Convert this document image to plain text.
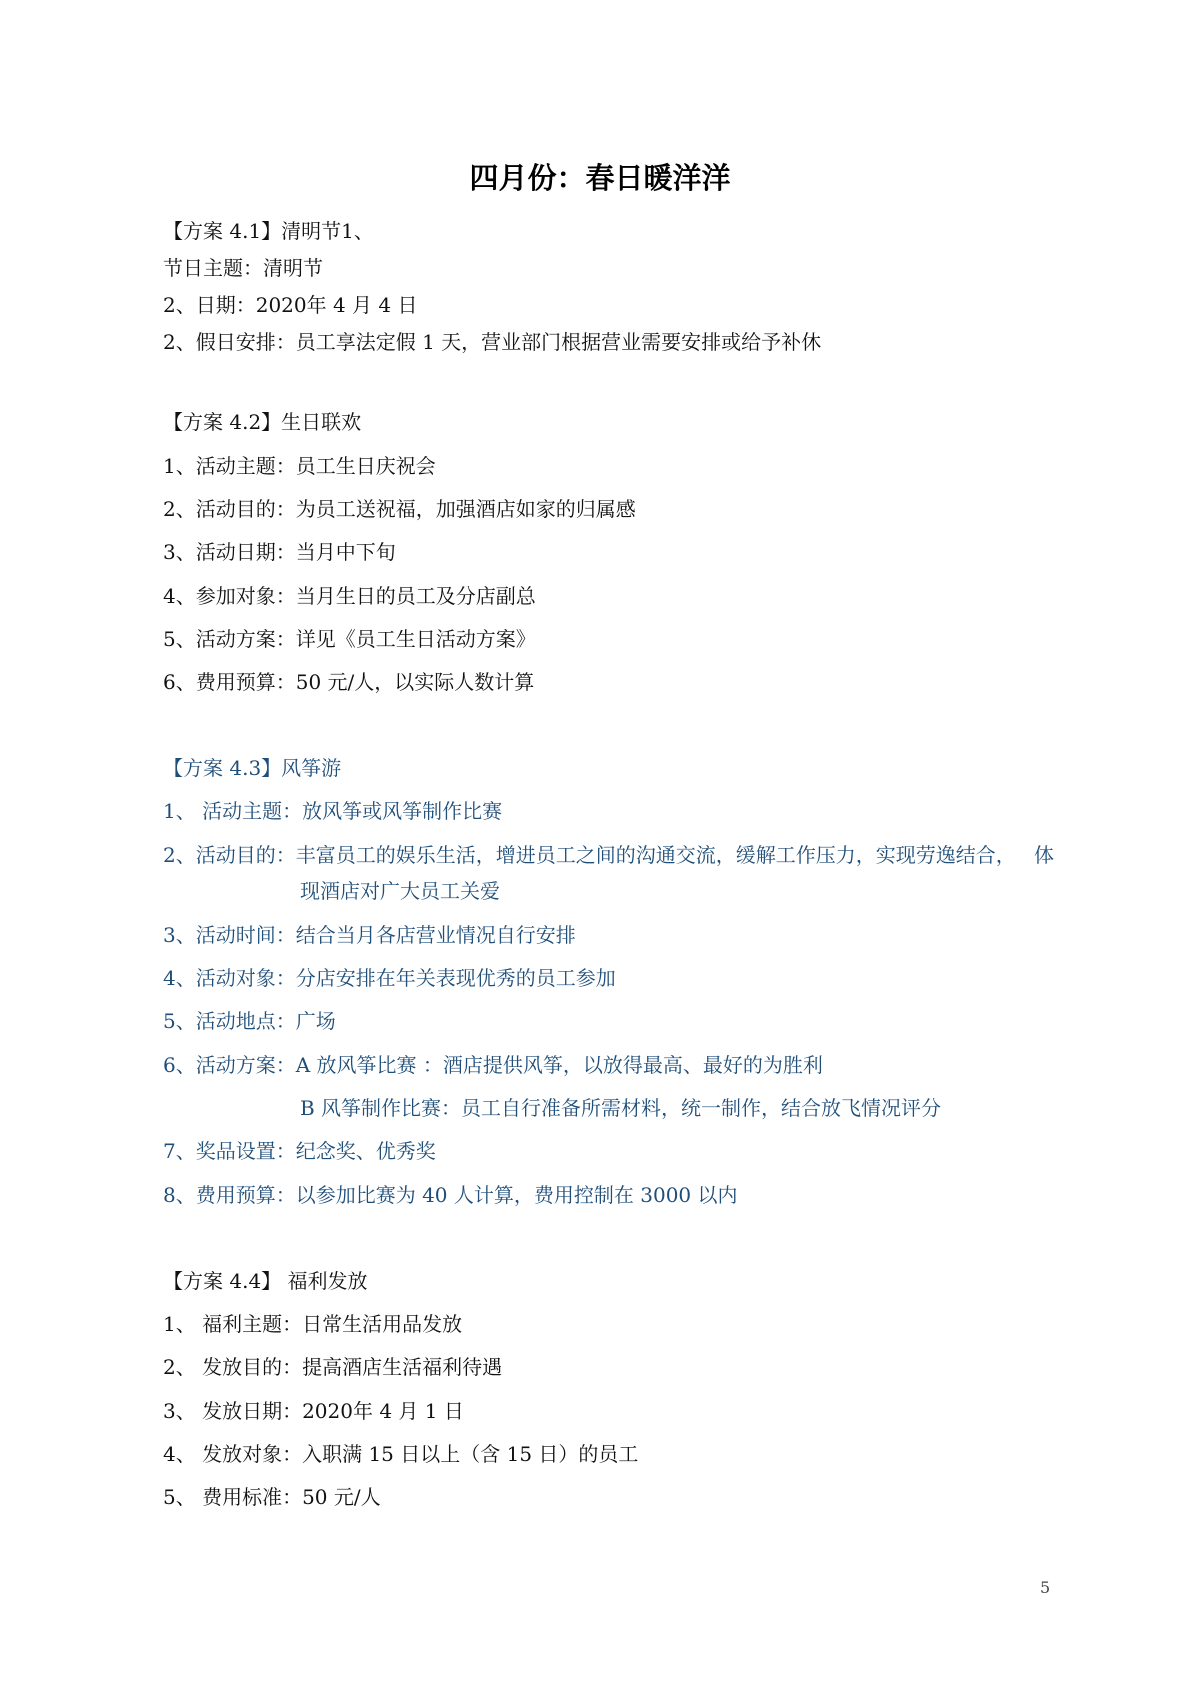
四月份：春日暖洋洋
【方案 4.1】清明节1、
节日主题：清明节
2、日期：2020年 4 月 4 日
2、假日安排：员工享法定假 1 天，营业部门根据营业需要安排或给予补休
【方案 4.2】生日联欢
1、活动主题：员工生日庆祝会
2、活动目的：为员工送祝福，加强酒店如家的归属感
3、活动日期：当月中下旬
4、参加对象：当月生日的员工及分店副总
5、活动方案：详见《员工生日活动方案》
6、费用预算：50 元/人，以实际人数计算
【方案 4.3】风筝游
1、 活动主题：放风筝或风筝制作比赛
2、活动目的：丰富员工的娱乐生活，增进员工之间的沟通交流，缓解工作压力，实现劳逸结合， 体
现酒店对广大员工关爱
3、活动时间：结合当月各店营业情况自行安排
4、活动对象：分店安排在年关表现优秀的员工参加
5、活动地点：广场
6、活动方案：A 放风筝比赛 ：酒店提供风筝，以放得最高、最好的为胜利
B 风筝制作比赛：员工自行准备所需材料，统一制作，结合放飞情况评分
7、奖品设置：纪念奖、优秀奖
8、费用预算：以参加比赛为 40 人计算，费用控制在 3000 以内
【方案 4.4】 福利发放
1、 福利主题：日常生活用品发放
2、 发放目的：提高酒店生活福利待遇
3、 发放日期：2020年 4 月 1 日
4、 发放对象：入职满 15 日以上（含 15 日）的员工
5、 费用标准：50 元/人
5
